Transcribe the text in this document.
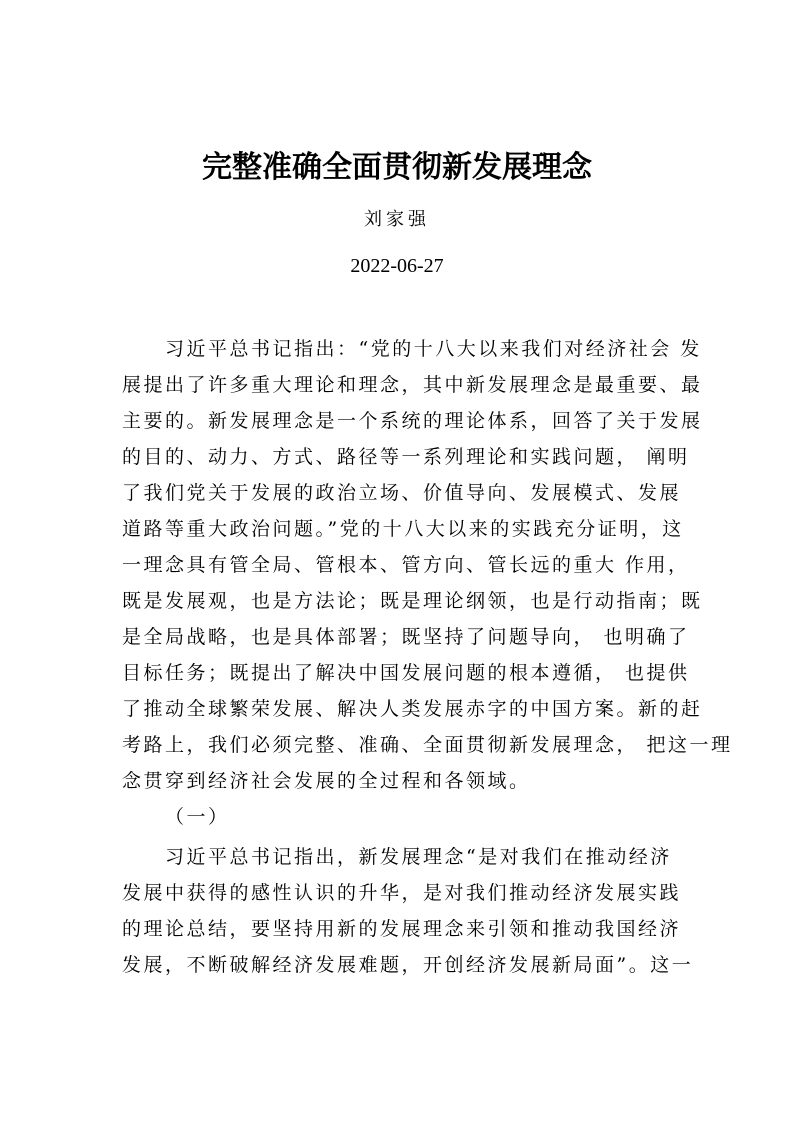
完整准确全面贯彻新发展理念
刘家强
2022-06-27
习近平总书记指出：“党的十八大以来我们对经济社会 发
展提出了许多重大理论和理念，其中新发展理念是最重要、最
主要的。新发展理念是一个系统的理论体系，回答了关于发展
的目的、动力、方式、路径等一系列理论和实践问题， 阐明
了我们党关于发展的政治立场、价值导向、发展模式、发展
道路等重大政治问题。”党的十八大以来的实践充分证明，这
一理念具有管全局、管根本、管方向、管长远的重大 作用，
既是发展观，也是方法论；既是理论纲领，也是行动指南；既
是全局战略，也是具体部署；既坚持了问题导向， 也明确了
目标任务；既提出了解决中国发展问题的根本遵循， 也提供
了推动全球繁荣发展、解决人类发展赤字的中国方案。新的赶
考路上，我们必须完整、准确、全面贯彻新发展理念， 把这一理
念贯穿到经济社会发展的全过程和各领域。
（一）
习近平总书记指出，新发展理念“是对我们在推动经济
发展中获得的感性认识的升华，是对我们推动经济发展实践
的理论总结，要坚持用新的发展理念来引领和推动我国经济
发展，不断破解经济发展难题，开创经济发展新局面”。这一
